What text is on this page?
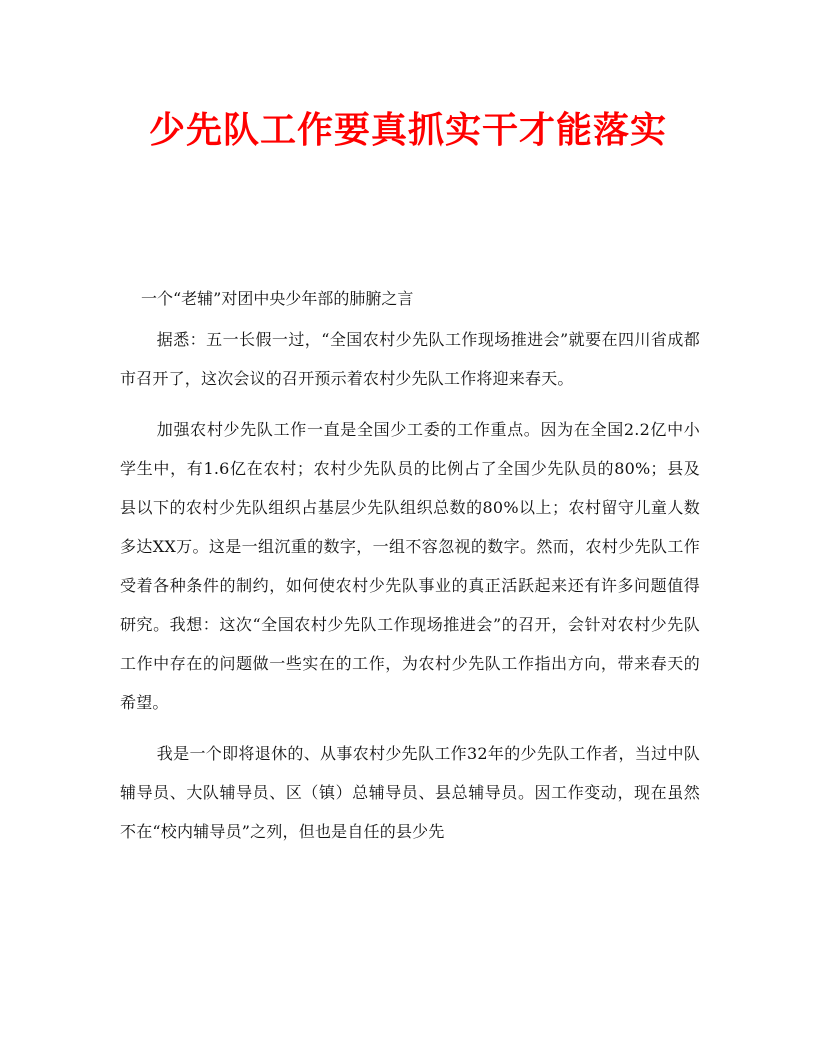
少先队工作要真抓实干才能落实
一个“老辅”对团中央少年部的肺腑之言

据悉：五一长假一过，“全国农村少先队工作现场推进会”就要在四川省成都市召开了，这次会议的召开预示着农村少先队工作将迎来春天。

加强农村少先队工作一直是全国少工委的工作重点。因为在全国2.2亿中小学生中，有1.6亿在农村；农村少先队员的比例占了全国少先队员的80%；县及县以下的农村少先队组织占基层少先队组织总数的80%以上；农村留守儿童人数多达XX万。这是一组沉重的数字，一组不容忽视的数字。然而，农村少先队工作受着各种条件的制约，如何使农村少先队事业的真正活跃起来还有许多问题值得研究。我想：这次“全国农村少先队工作现场推进会”的召开，会针对农村少先队工作中存在的问题做一些实在的工作，为农村少先队工作指出方向，带来春天的希望。

我是一个即将退休的、从事农村少先队工作32年的少先队工作者，当过中队辅导员、大队辅导员、区（镇）总辅导员、县总辅导员。因工作变动，现在虽然不在“校内辅导员”之列，但也是自任的县少先
